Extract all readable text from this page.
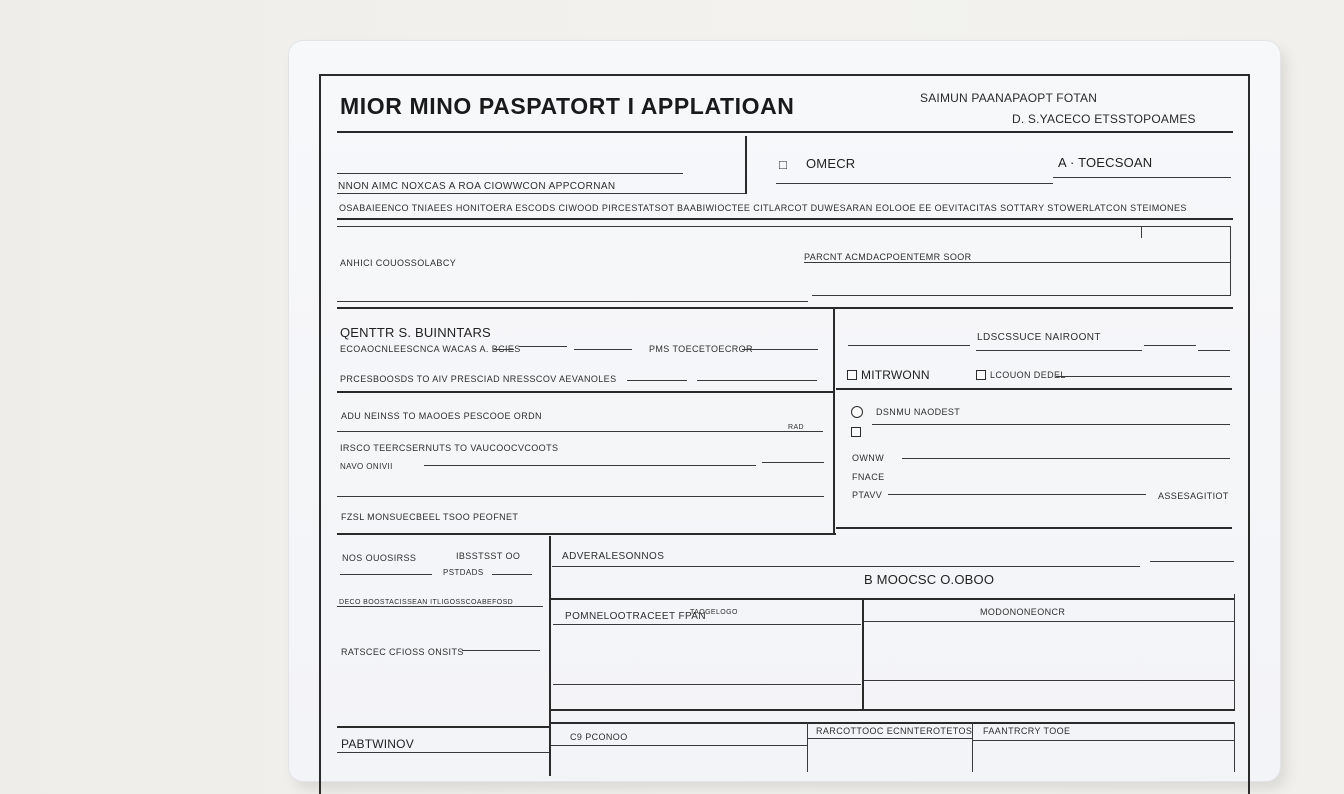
MIOR MINO PASPATORT I APPLATIOAN	SAIMUN PAANAPAOPT FOTAN
D. S.YACECO ETSSTOPOAMES
NNON AIMC NOXCAS A ROA CIOWWCON APPCORNAN
□ OMECR	A · TOECSOAN
OSABAIEENCO TNIAEES HONITOERA ESCODS CIWOOD PIRCESTATSOT BAABIWIOCTEE CITLARCOT DUWESARAN EOLOOE EE OEVITACITAS SOTTARY STOWERLATCON STEIMONES
ANHICI COUOSSOLABCY
PARCNT ACMDACPOENTEMR SOOR
QENTTR S. BUINNTARS
ECOAOCNLEESCNCA WACAS A. BCIES	PMS TOECETOECROR
LDSCSSUCE NAIROONT
PRCESBOOSDS TO AIV PRESCIAD NRESSCOV AEVANOLES	MITRWONN	LCOUON DEDEL
ADU NEINSS TO MAOOES PESCOOE ORDN
RAD
IRSCO TEERCSERNUTS TO VAUCOOCVCOOTS
NAVO ONIVII
FZSL MONSUECBEEL TSOO PEOFNET
DSNMU NAODEST
OWNW
FNACE
PTAVV	ASSESAGITIOT
NOS OUOSIRSS	IBSSTSST OO
PSTDADS
DECO BOOSTACISSEAN ITLIGOSSCOABEFOSD
RATSCEC CFIOSS ONSITS
PABTWINOV
ADVERALESONNOS
B MOOCSC O.OBOO
POMNELOOTRACEET FPAN
TAOGELOGO	MODONONEONCR
C9 PCONOO
RARCOTTOOC ECNNTEROTETOS FAANTRCRY TOOE
